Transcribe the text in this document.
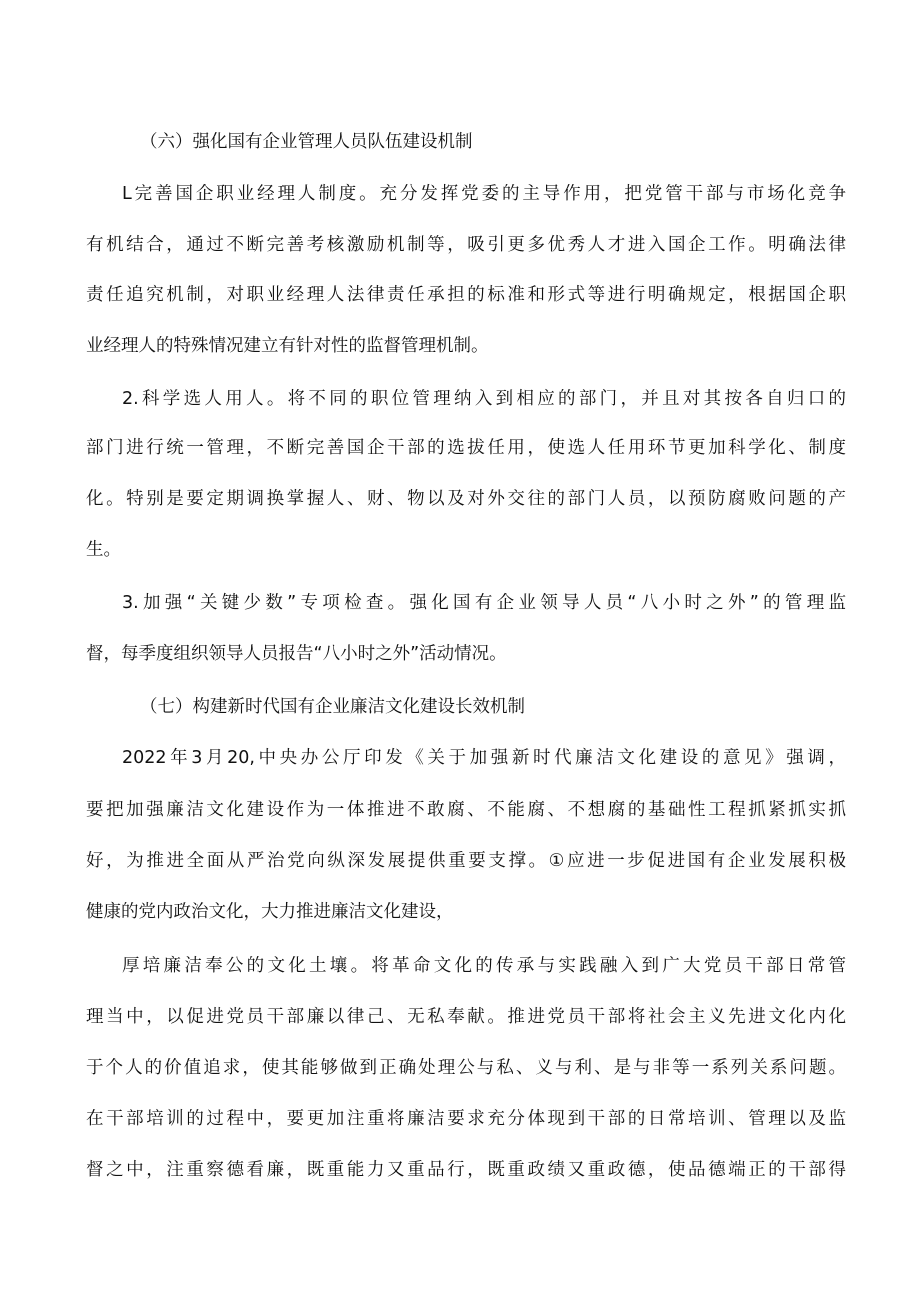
（六）强化国有企业管理人员队伍建设机制
L完善国企职业经理人制度。充分发挥党委的主导作用，把党管干部与市场化竞争
有机结合，通过不断完善考核激励机制等，吸引更多优秀人才进入国企工作。明确法律
责任追究机制，对职业经理人法律责任承担的标准和形式等进行明确规定，根据国企职
业经理人的特殊情况建立有针对性的监督管理机制。
2.科学选人用人。将不同的职位管理纳入到相应的部门，并且对其按各自归口的
部门进行统一管理，不断完善国企干部的选拔任用，使选人任用环节更加科学化、制度
化。特别是要定期调换掌握人、财、物以及对外交往的部门人员，以预防腐败问题的产
生。
3.加强“关键少数”专项检查。强化国有企业领导人员“八小时之外”的管理监
督，每季度组织领导人员报告“八小时之外”活动情况。
（七）构建新时代国有企业廉洁文化建设长效机制
2022年3月20,中央办公厅印发《关于加强新时代廉洁文化建设的意见》强调，
要把加强廉洁文化建设作为一体推进不敢腐、不能腐、不想腐的基础性工程抓紧抓实抓
好，为推进全面从严治党向纵深发展提供重要支撑。①应进一步促进国有企业发展积极
健康的党内政治文化，大力推进廉洁文化建设，
厚培廉洁奉公的文化土壤。将革命文化的传承与实践融入到广大党员干部日常管
理当中，以促进党员干部廉以律己、无私奉献。推进党员干部将社会主义先进文化内化
于个人的价值追求，使其能够做到正确处理公与私、义与利、是与非等一系列关系问题。
在干部培训的过程中，要更加注重将廉洁要求充分体现到干部的日常培训、管理以及监
督之中，注重察德看廉，既重能力又重品行，既重政绩又重政德，使品德端正的干部得
